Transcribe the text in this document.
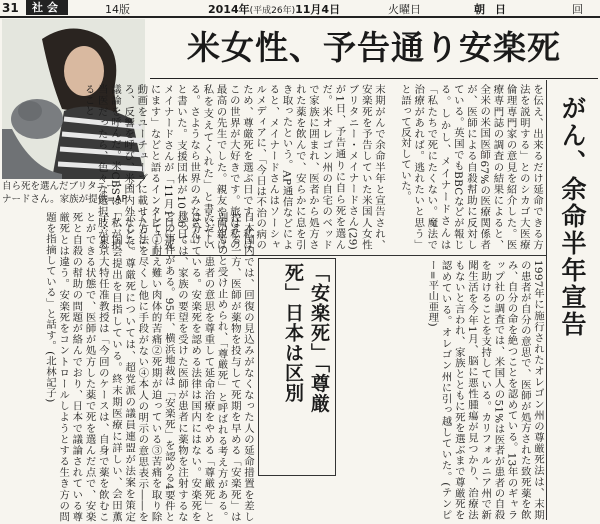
31	社会	14版	2014年(平成26年)11月4日	火曜日	朝日	回
米女性、予告通り安楽死
自ら死を選んだブリタニー・メイナードさん。家族が提供=AP	がん、余命半年宣告
末期がんで余命半年と宣告され、安楽死を予告していた米国人女性ブリタニー・メイナードさん(29)が1日、予告通りに自ら死を選んだ。米オレゴン州の自宅のベッドで家族に囲まれ、医者から処方された薬を飲んで、安らかに息を引き取ったという。AP通信などによると、メイナードさんはソーシャルメディアに、「今日は不治の病のため、尊厳死を選ぶ日です。私はこの世界が大好きです。旅は私の最高の先生でした。親友や両親は私を支えてくれた」と書いている。さようなら世界のみなさん」と書いた。支援団体が10月6日、メイナードさんが「11月1日に死にます」などと語るインタビュー動画をユーチューブに載せたところ、反響を呼び、米国内外などで議論を呼んだ。米CBSは「私が担当医だったら、色々な選択肢があること	を伝え、出来るだけ延命できる方法を説明する」とのシカゴ大医療倫理専門家の意見を紹介した。医療専門誌の調査の結果によると、全米の米国医師67%の医療関係者が、医師による自殺幇助に反対している。英国でもBBCなどが報じる。しかし、メイナードさんは「私たちで死にたくない。魔法で治療があれば。逃れたいと思う」と語って反対していた。
1997年に施行されたオレゴン州の尊厳死法は、末期の患者が自分の意思で、医師が処方された致死薬を飲み、自分の命を絶つことを認めている。13年のギャラップ社の調査では、米国人の51%は医者が患者の自殺を助けることを支持している。カリフォルニア州で新聞生活を今年1月、脳に悪性腫瘍が見つかり、治療法もないと言われ、家族とともに死を選ぶまで尊厳死を認めている。オレゴン州に引っ越していた。(テンピー=平山亜理)
「安楽死」「尊厳
死」日本は区別
日本国内では、回復の見込みがなくなった人の延命措置を差し控える一方、医師が薬物を投与して死期を早める「安楽死」は別のものと受け止められ、「尊厳死」と呼ばれる考え方がある。ただし、患者の意思を尊重して延命治療をやめる「尊厳死」とは分けている。安楽死を認める法律は国内にはない。安楽死を巡っては、家族の要望を受けた医師が患者に薬物を注射するなどの事件がある。95年、横浜地裁は「安楽死」を認める4要件として①耐え難い肉体的苦痛②死期が迫っている③苦痛を取り除く方法を尽くし他に手段がない④本人の明示の意思表示――を示した。尊厳死については、超党派の議員連盟が法案を策定し、国会提出を目指している。終末期医療に詳しい、会田薫子・東京大特任准教授は「今回のケースは、自身で薬を飲むことができる状態で、医師が処方した薬で死を選んだ点で、安楽死と自殺の幇助の問題が絡んでおり、日本で議論されている尊厳死とは違う。安楽死をコントロールしようとする生き方の問題を指摘している」と話す。(北林記子)
